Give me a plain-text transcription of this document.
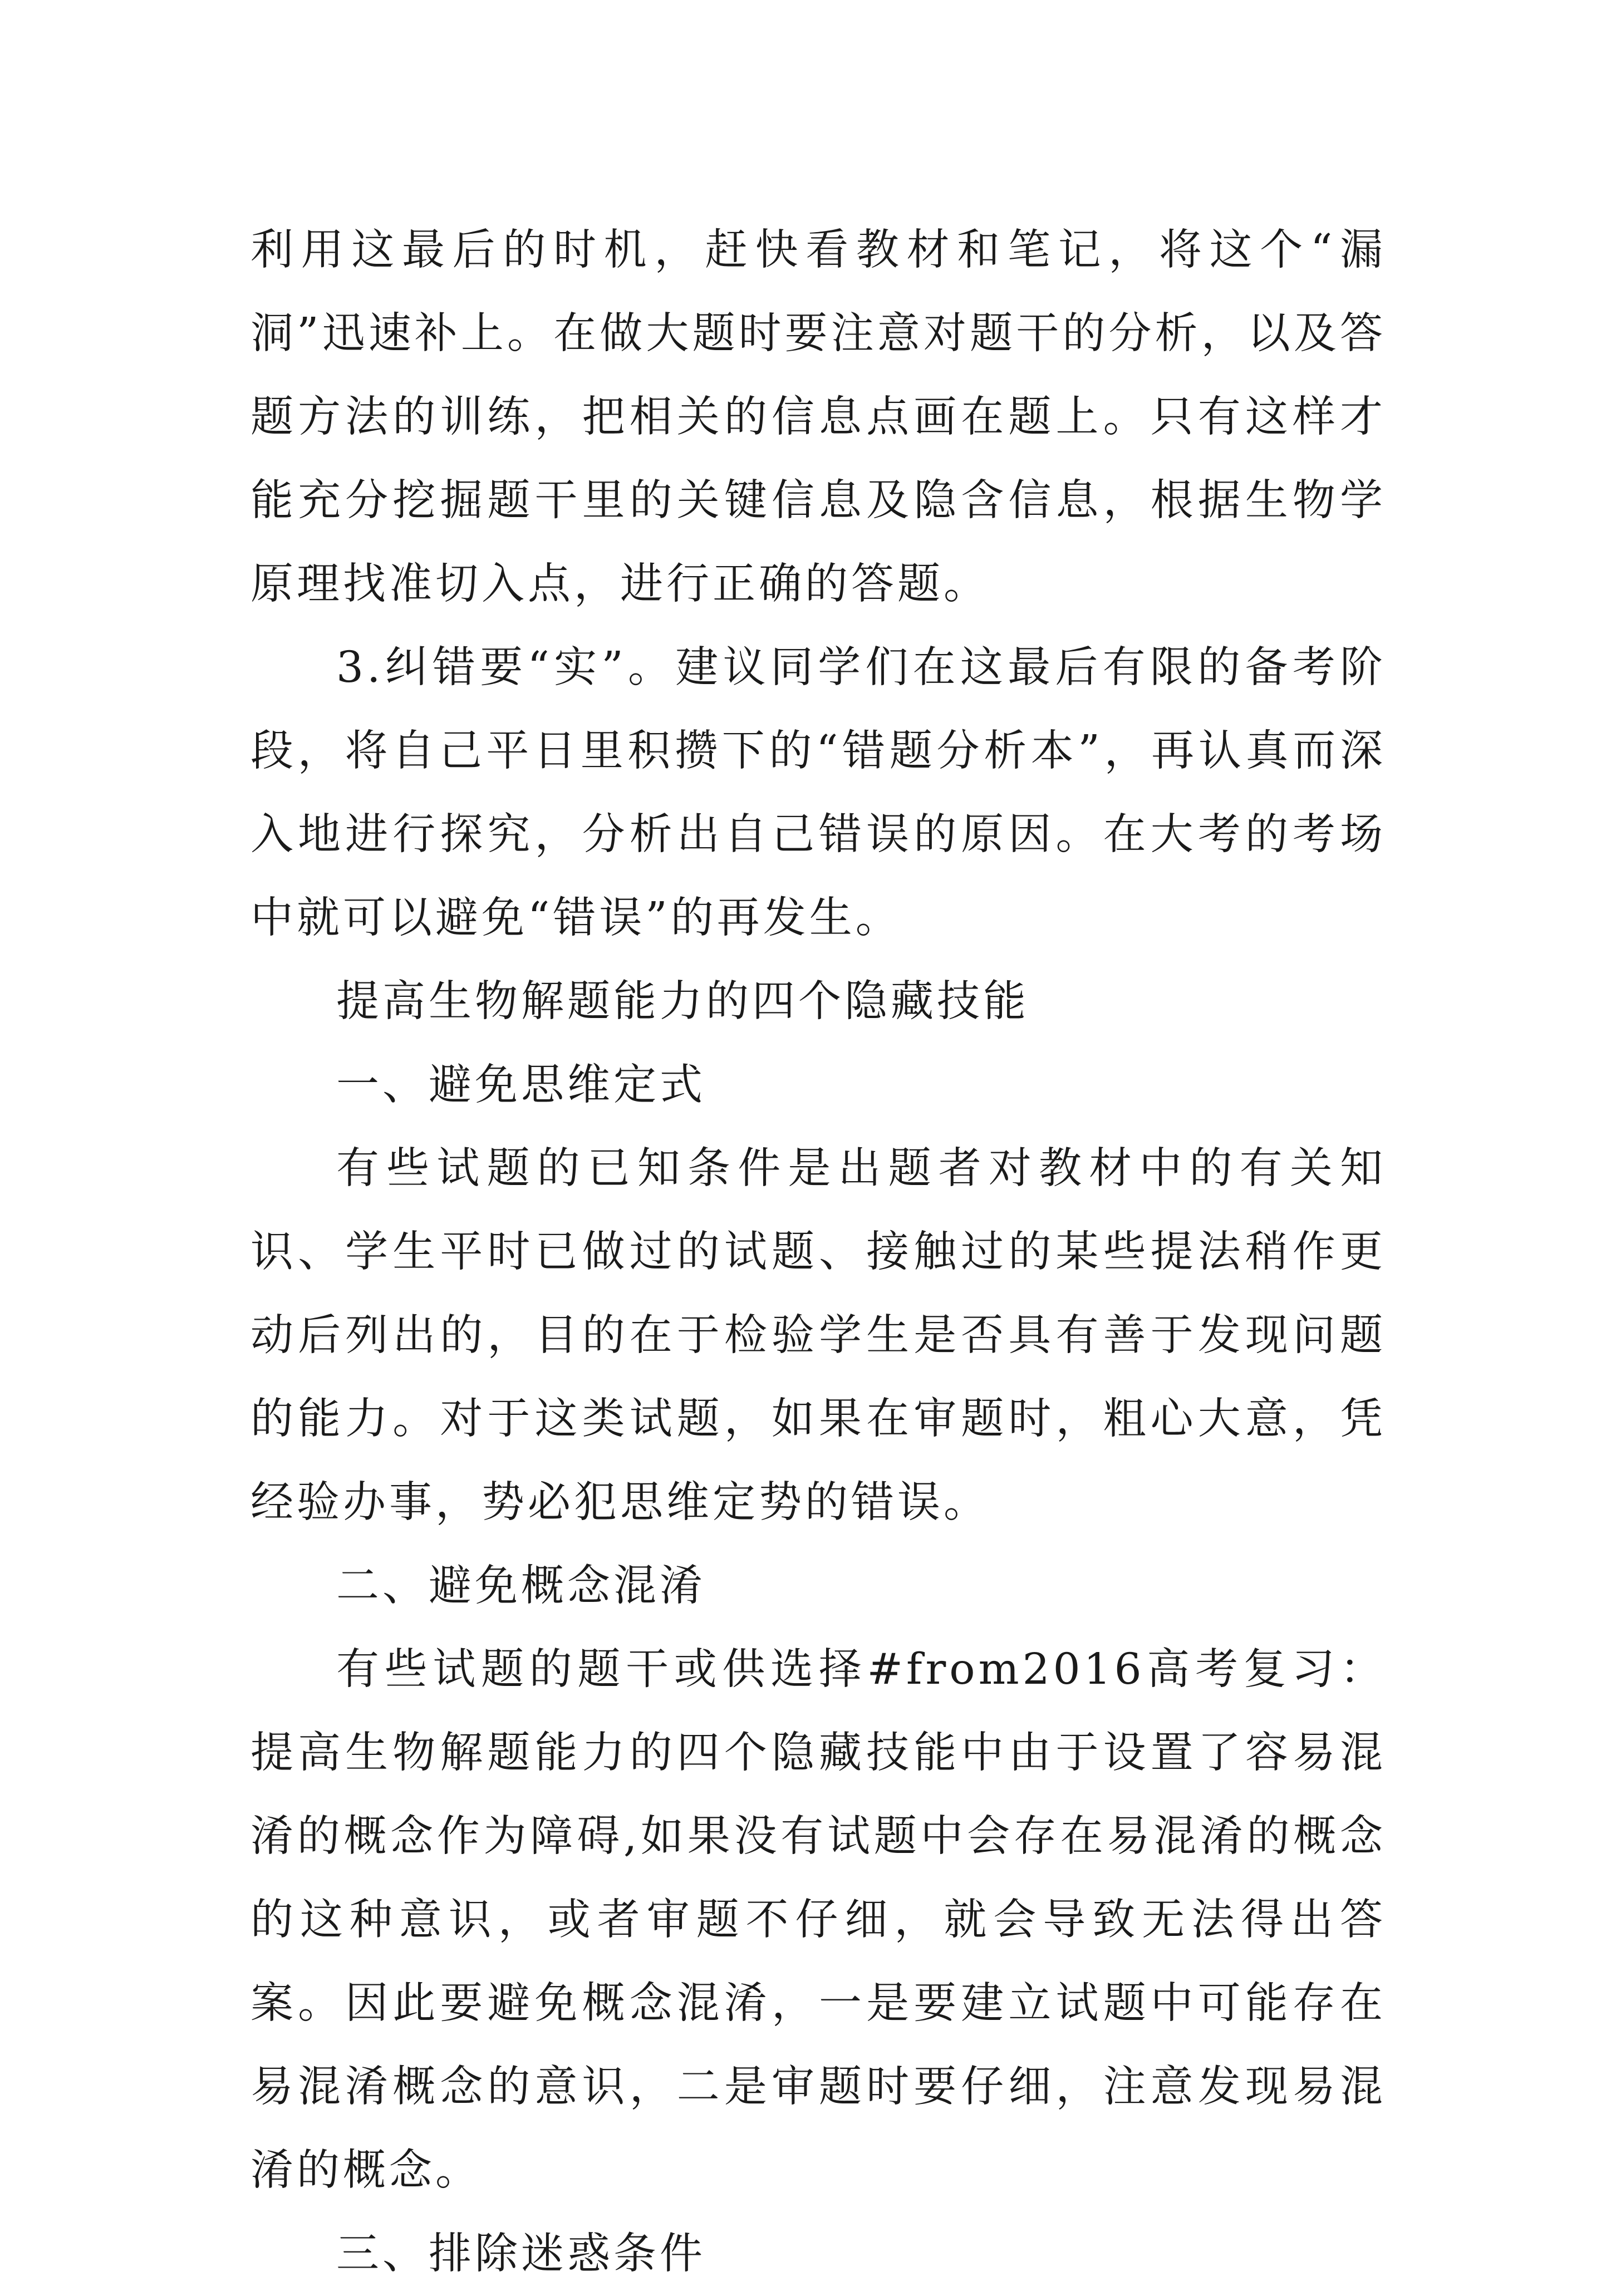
利用这最后的时机，赶快看教材和笔记，将这个“漏洞”迅速补上。在做大题时要注意对题干的分析，以及答题方法的训练，把相关的信息点画在题上。只有这样才能充分挖掘题干里的关键信息及隐含信息，根据生物学原理找准切入点，进行正确的答题。

3.纠错要“实”。建议同学们在这最后有限的备考阶段，将自己平日里积攒下的“错题分析本”，再认真而深入地进行探究，分析出自己错误的原因。在大考的考场中就可以避免“错误”的再发生。

提高生物解题能力的四个隐藏技能

一、避免思维定式

有些试题的已知条件是出题者对教材中的有关知识、学生平时已做过的试题、接触过的某些提法稍作更动后列出的，目的在于检验学生是否具有善于发现问题的能力。对于这类试题，如果在审题时，粗心大意，凭经验办事，势必犯思维定势的错误。

二、避免概念混淆

有些试题的题干或供选择#from2016高考复习：提高生物解题能力的四个隐藏技能中由于设置了容易混淆的概念作为障碍,如果没有试题中会存在易混淆的概念的这种意识，或者审题不仔细，就会导致无法得出答案。因此要避免概念混淆，一是要建立试题中可能存在易混淆概念的意识，二是审题时要仔细，注意发现易混淆的概念。

三、排除迷惑条件
